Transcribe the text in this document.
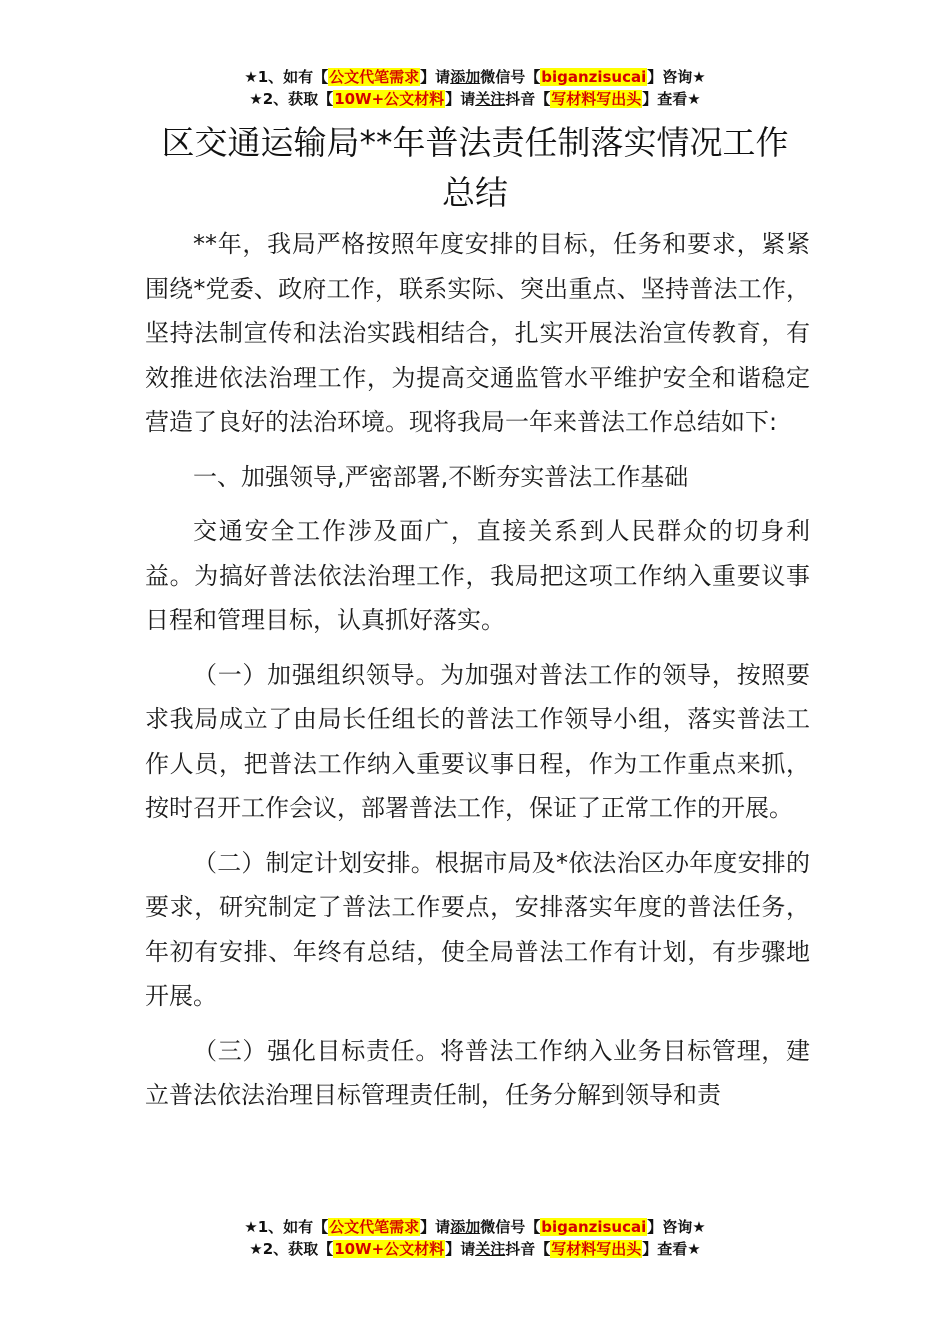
★1、如有【公文代笔需求】请添加微信号【biganzisucai】咨询★
★2、获取【10W+公文材料】请关注抖音【写材料写出头】查看★
区交通运输局**年普法责任制落实情况工作
总结

**年，我局严格按照年度安排的目标，任务和要求，紧紧围绕*党委、政府工作，联系实际、突出重点、坚持普法工作，坚持法制宣传和法治实践相结合，扎实开展法治宣传教育，有效推进依法治理工作，为提高交通监管水平维护安全和谐稳定营造了良好的法治环境。现将我局一年来普法工作总结如下:

一、加强领导,严密部署,不断夯实普法工作基础

交通安全工作涉及面广，直接关系到人民群众的切身利益。为搞好普法依法治理工作，我局把这项工作纳入重要议事日程和管理目标，认真抓好落实。

（一）加强组织领导。为加强对普法工作的领导，按照要求我局成立了由局长任组长的普法工作领导小组，落实普法工作人员，把普法工作纳入重要议事日程，作为工作重点来抓，按时召开工作会议，部署普法工作，保证了正常工作的开展。

（二）制定计划安排。根据市局及*依法治区办年度安排的要求，研究制定了普法工作要点，安排落实年度的普法任务，年初有安排、年终有总结，使全局普法工作有计划，有步骤地开展。

（三）强化目标责任。将普法工作纳入业务目标管理，建立普法依法治理目标管理责任制，任务分解到领导和责

★1、如有【公文代笔需求】请添加微信号【biganzisucai】咨询★
★2、获取【10W+公文材料】请关注抖音【写材料写出头】查看★
